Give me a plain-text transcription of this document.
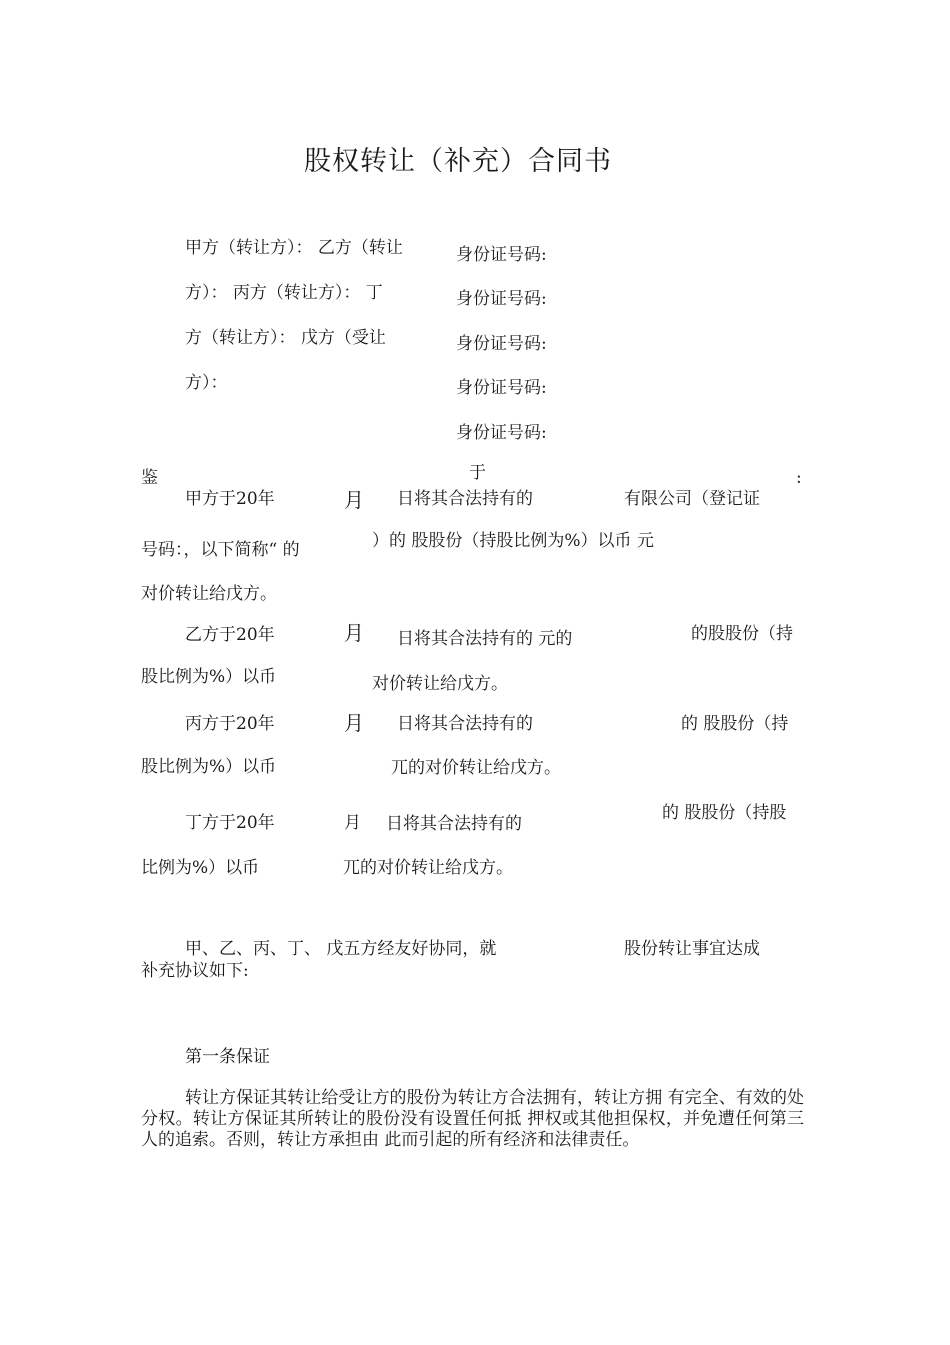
股权转让（补充）合同书
甲方（转让方）： 乙方（转让
方）： 丙方（转让方）： 丁
方（转让方）： 戊方（受让
方）：
身份证号码:
身份证号码:
身份证号码:
身份证号码:
身份证号码:
鉴	于	:
甲方于20年	月 日将其合法持有的	有限公司（登记证
号码：，以下简称“ 的	）的 股股份（持股比例为%）以币 元
对价转让给戊方。
乙方于20年	月 日将其合法持有的 元的	的股股份（持
股比例为%）以币	对价转让给戊方。
丙方于20年	月 日将其合法持有的	的 股股份（持
股比例为%）以币	兀的对价转让给戊方。
丁方于20年	月 日将其合法持有的
的 股股份（持股
比例为%）以币	兀的对价转让给戊方。
甲、乙、丙、丁、 戊五方经友好协同，就	股份转让事宜达成
补充协议如下:
第一条保证
转让方保证其转让给受让方的股份为转让方合法拥有，转让方拥 有完全、有效的处分权。转让方保证其所转让的股份没有设置任何抵 押权或其他担保权，并免遭任何第三人的追索。否则，转让方承担由 此而引起的所有经济和法律责任。
